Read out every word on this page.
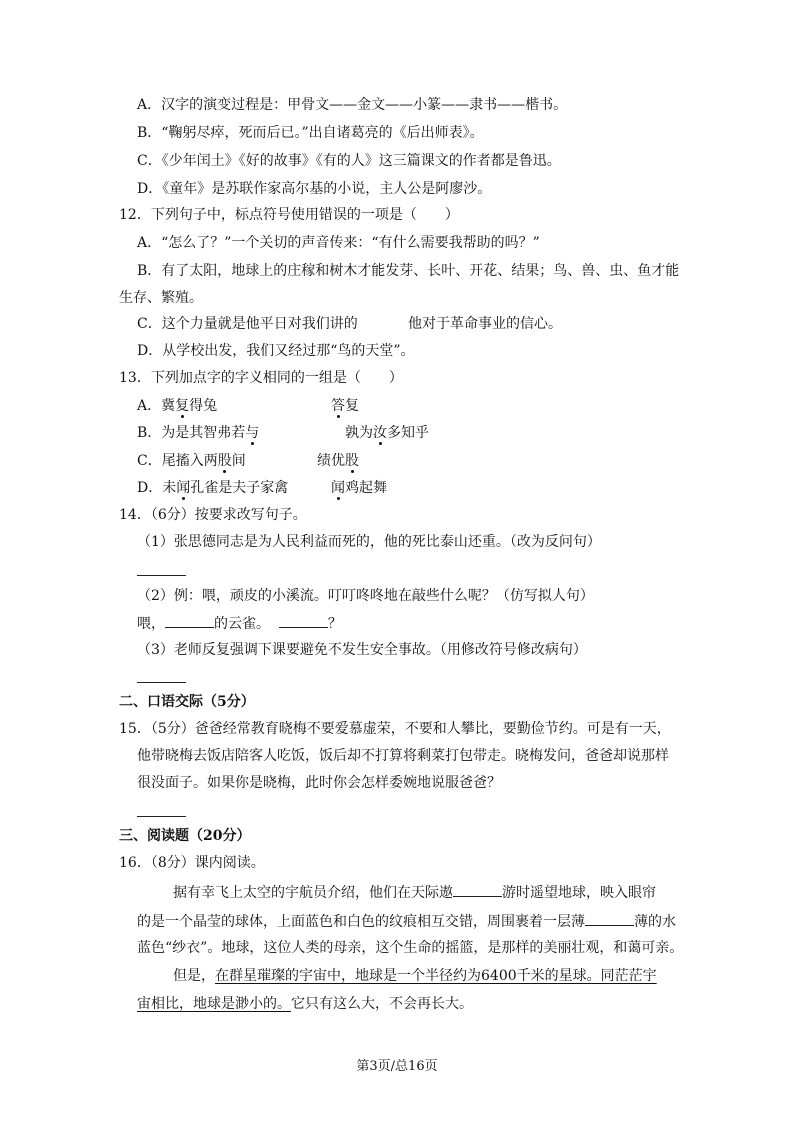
A．汉字的演变过程是：甲骨文——金文——小篆——隶书——楷书。
B．“鞠躬尽瘁，死而后已。”出自诸葛亮的《后出师表》。
C．《少年闰土》《好的故事》《有的人》这三篇课文的作者都是鲁迅。
D．《童年》是苏联作家高尔基的小说，主人公是阿廖沙。
12．下列句子中，标点符号使用错误的一项是（　　）
A．“怎么了？”一个关切的声音传来：“有什么需要我帮助的吗？”
B．有了太阳，地球上的庄稼和树木才能发芽、长叶、开花、结果；鸟、兽、虫、鱼才能
生存、繁殖。
C．这个力量就是他平日对我们讲的	他对于革命事业的信心。
D．从学校出发，我们又经过那“鸟的天堂”。
13．下列加点字的字义相同的一组是（　　）
A．冀复得兔	答复
B．为是其智弗若与	孰为汝多知乎
C．尾搐入两股间	绩优股
D．未闻孔雀是夫子家禽	闻鸡起舞
14．（6分）按要求改写句子。
（1）张思德同志是为人民利益而死的，他的死比泰山还重。（改为反问句）
（2）例：喂，顽皮的小溪流。叮叮咚咚地在敲些什么呢？（仿写拟人句）
喂，	的云雀。	？
（3）老师反复强调下课要避免不发生安全事故。（用修改符号修改病句）
二、口语交际（5分）
15．（5分）爸爸经常教育晓梅不要爱慕虚荣，不要和人攀比，要勤俭节约。可是有一天，
他带晓梅去饭店陪客人吃饭，饭后却不打算将剩菜打包带走。晓梅发问，爸爸却说那样
很没面子。如果你是晓梅，此时你会怎样委婉地说服爸爸？
三、阅读题（20分）
16．（8分）课内阅读。
据有幸飞上太空的宇航员介绍，他们在天际遨	游时遥望地球，映入眼帘
的是一个晶莹的球体，上面蓝色和白色的纹痕相互交错，周围裹着一层薄	薄的水
蓝色“纱衣”。地球，这位人类的母亲，这个生命的摇篮，是那样的美丽壮观，和蔼可亲。
但是，在群星璀璨的宇宙中，地球是一个半径约为6400千米的星球。同茫茫宇
宙相比，地球是渺小的。它只有这么大，不会再长大。
第3页/总16页
